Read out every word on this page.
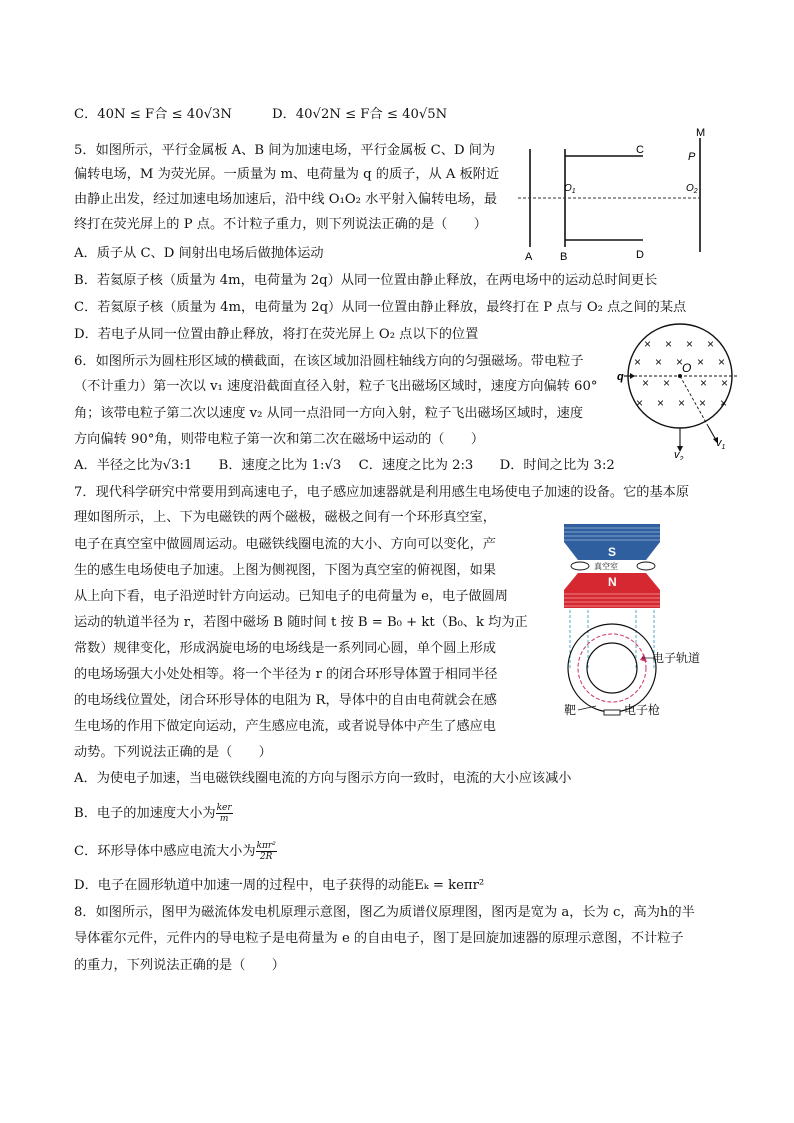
C．40N ≤ F合 ≤ 40√3N	D．40√2N ≤ F合 ≤ 40√5N
5．如图所示，平行金属板 A、B 间为加速电场，平行金属板 C、D 间为
偏转电场，M 为荧光屏。一质量为 m、电荷量为 q 的质子，从 A 板附近
由静止出发，经过加速电场加速后，沿中线 O₁O₂ 水平射入偏转电场，最
终打在荧光屏上的 P 点。不计粒子重力，则下列说法正确的是（　　）
A．质子从 C、D 间射出电场后做抛体运动
B．若氦原子核（质量为 4m，电荷量为 2q）从同一位置由静止释放，在两电场中的运动总时间更长
C．若氦原子核（质量为 4m，电荷量为 2q）从同一位置由静止释放，最终打在 P 点与 O₂ 点之间的某点
D．若电子从同一位置由静止释放，将打在荧光屏上 O₂ 点以下的位置
A	B
C
D
M
P
$O_1$	$O_2$
6．如图所示为圆柱形区域的横截面，在该区域加沿圆柱轴线方向的匀强磁场。带电粒子
（不计重力）第一次以 v₁ 速度沿截面直径入射，粒子飞出磁场区域时，速度方向偏转 60°
角；该带电粒子第二次以速度 v₂ 从同一点沿同一方向入射，粒子飞出磁场区域时，速度
方向偏转 90°角，则带电粒子第一次和第二次在磁场中运动的（　　）
A．半径之比为√3:1　　B．速度之比为 1:√3　 C．速度之比为 2:3　　D．时间之比为 3:2
× × × ×
× × × × ×
× × × ×
× × × × ×
q
O
$v_1$
$v_2$
7．现代科学研究中常要用到高速电子，电子感应加速器就是利用感生电场使电子加速的设备。它的基本原
理如图所示，上、下为电磁铁的两个磁极，磁极之间有一个环形真空室，
电子在真空室中做圆周运动。电磁铁线圈电流的大小、方向可以变化，产
生的感生电场使电子加速。上图为侧视图，下图为真空室的俯视图，如果
从上向下看，电子沿逆时针方向运动。已知电子的电荷量为 e，电子做圆周
运动的轨道半径为 r，若图中磁场 B 随时间 t 按 B = B₀ + kt（B₀、k 均为正
常数）规律变化，形成涡旋电场的电场线是一系列同心圆，单个圆上形成
的电场场强大小处处相等。将一个半径为 r 的闭合环形导体置于相同半径
的电场线位置处，闭合环形导体的电阻为 R，导体中的自由电荷就会在感
生电场的作用下做定向运动，产生感应电流，或者说导体中产生了感应电
动势。下列说法正确的是（　　）
A．为使电子加速，当电磁铁线圈电流的方向与图示方向一致时，电流的大小应该减小
B．电子的加速度大小为 ker
m
C．环形导体中感应电流大小为 kπr²
2R
D．电子在圆形轨道中加速一周的过程中，电子获得的动能Eₖ = keπr²
S
真空室
N
电子轨道
靶	电子枪
8．如图所示，图甲为磁流体发电机原理示意图，图乙为质谱仪原理图，图丙是宽为 a，长为 c，高为h的半
导体霍尔元件，元件内的导电粒子是电荷量为 e 的自由电子，图丁是回旋加速器的原理示意图，不计粒子
的重力，下列说法正确的是（　　）
